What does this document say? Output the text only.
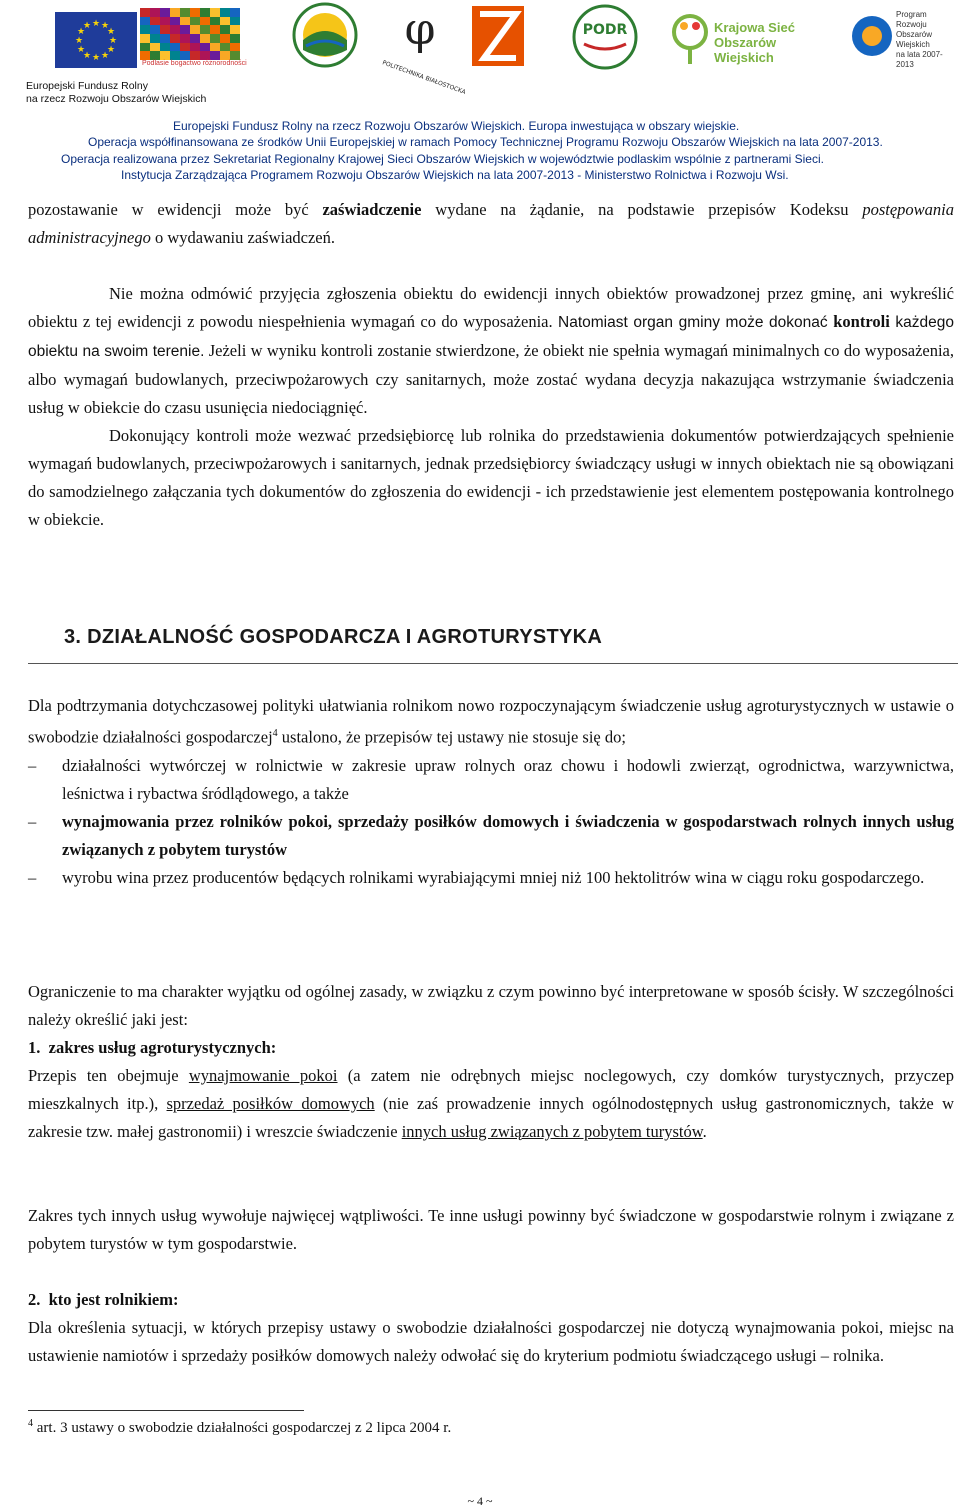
★ ★
★
★
★
★
★
★
★
★
★
★
Podlasie bogactwo różnorodności
φ
POLITECHNIKA BIAŁOSTOCKA
PODR	Krajowa Sieć
Obszarów Wiejskich
Program
Rozwoju
Obszarów
Wiejskich
na lata 2007-2013
Europejski Fundusz Rolny
na rzecz Rozwoju Obszarów Wiejskich
Europejski Fundusz Rolny na rzecz Rozwoju Obszarów Wiejskich. Europa inwestująca w obszary wiejskie.
Operacja współfinansowana ze środków Unii Europejskiej w ramach Pomocy Technicznej Programu Rozwoju Obszarów Wiejskich na lata 2007-2013.
Operacja realizowana przez Sekretariat Regionalny Krajowej Sieci Obszarów Wiejskich w województwie podlaskim wspólnie z partnerami Sieci.
Instytucja Zarządzająca Programem Rozwoju Obszarów Wiejskich na lata 2007-2013 - Ministerstwo Rolnictwa i Rozwoju Wsi.

pozostawanie w ewidencji może być zaświadczenie wydane na żądanie, na podstawie przepisów Kodeksu postępowania administracyjnego o wydawaniu zaświadczeń.

Nie można odmówić przyjęcia zgłoszenia obiektu do ewidencji innych obiektów prowadzonej przez gminę, ani wykreślić obiektu z tej ewidencji z powodu niespełnienia wymagań co do wyposażenia. Natomiast organ gminy może dokonać kontroli każdego obiektu na swoim terenie. Jeżeli w wyniku kontroli zostanie stwierdzone, że obiekt nie spełnia wymagań minimalnych co do wyposażenia, albo wymagań budowlanych, przeciwpożarowych czy sanitarnych, może zostać wydana decyzja nakazująca wstrzymanie świadczenia usług w obiekcie do czasu usunięcia niedociągnięć.

Dokonujący kontroli może wezwać przedsiębiorcę lub rolnika do przedstawienia dokumentów potwierdzających spełnienie wymagań budowlanych, przeciwpożarowych i sanitarnych, jednak przedsiębiorcy świadczący usługi w innych obiektach nie są obowiązani do samodzielnego załączania tych dokumentów do zgłoszenia do ewidencji - ich przedstawienie jest elementem postępowania kontrolnego w obiekcie.

3. DZIAŁALNOŚĆ GOSPODARCZA I AGROTURYSTYKA

Dla podtrzymania dotychczasowej polityki ułatwiania rolnikom nowo rozpoczynającym świadczenie usług agroturystycznych w ustawie o swobodzie działalności gospodarczej$^4$ ustalono, że przepisów tej ustawy nie stosuje się do;

– działalności wytwórczej w rolnictwie w zakresie upraw rolnych oraz chowu i hodowli zwierząt, ogrodnictwa, warzywnictwa, leśnictwa i rybactwa śródlądowego, a także
– wynajmowania przez rolników pokoi, sprzedaży posiłków domowych i świadczenia w gospodarstwach rolnych innych usług związanych z pobytem turystów
– wyrobu wina przez producentów będących rolnikami wyrabiającymi mniej niż 100 hektolitrów wina w ciągu roku gospodarczego.

Ograniczenie to ma charakter wyjątku od ogólnej zasady, w związku z czym powinno być interpretowane w sposób ścisły. W szczególności należy określić jaki jest:

1. zakres usług agroturystycznych:

Przepis ten obejmuje wynajmowanie pokoi (a zatem nie odrębnych miejsc noclegowych, czy domków turystycznych, przyczep mieszkalnych itp.), sprzedaż posiłków domowych (nie zaś prowadzenie innych ogólnodostępnych usług gastronomicznych, także w zakresie tzw. małej gastronomii) i wreszcie świadczenie innych usług związanych z pobytem turystów.

Zakres tych innych usług wywołuje najwięcej wątpliwości. Te inne usługi powinny być świadczone w gospodarstwie rolnym i związane z pobytem turystów w tym gospodarstwie.

2. kto jest rolnikiem:

Dla określenia sytuacji, w których przepisy ustawy o swobodzie działalności gospodarczej nie dotyczą wynajmowania pokoi, miejsc na ustawienie namiotów i sprzedaży posiłków domowych należy odwołać się do kryterium podmiotu świadczącego usługi – rolnika.

$^4$ art. 3 ustawy o swobodzie działalności gospodarczej z 2 lipca 2004 r.
~ 4 ~
